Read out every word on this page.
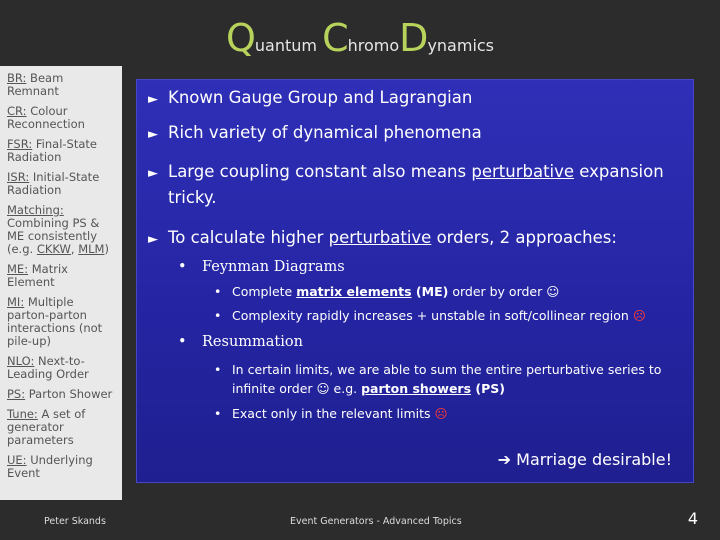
Quantum ChromoDynamics
BR: Beam Remnant
CR: Colour Reconnection
FSR: Final-State Radiation
ISR: Initial-State Radiation
Matching: Combining PS & ME consistently (e.g. CKKW, MLM)
ME: Matrix Element
MI: Multiple parton-parton interactions (not pile-up)
NLO: Next-to-Leading Order
PS: Parton Shower
Tune: A set of generator parameters
UE: Underlying Event
► Known Gauge Group and Lagrangian
► Rich variety of dynamical phenomena
► Large coupling constant also means perturbative expansion tricky.
► To calculate higher perturbative orders, 2 approaches:
• Feynman Diagrams
• Complete matrix elements (ME) order by order ☺
• Complexity rapidly increases + unstable in soft/collinear region ☹
• Resummation
• In certain limits, we are able to sum the entire perturbative series to infinite order ☺ e.g. parton showers (PS)
• Exact only in the relevant limits ☹
➔ Marriage desirable!
Peter Skands	Event Generators - Advanced Topics	4
